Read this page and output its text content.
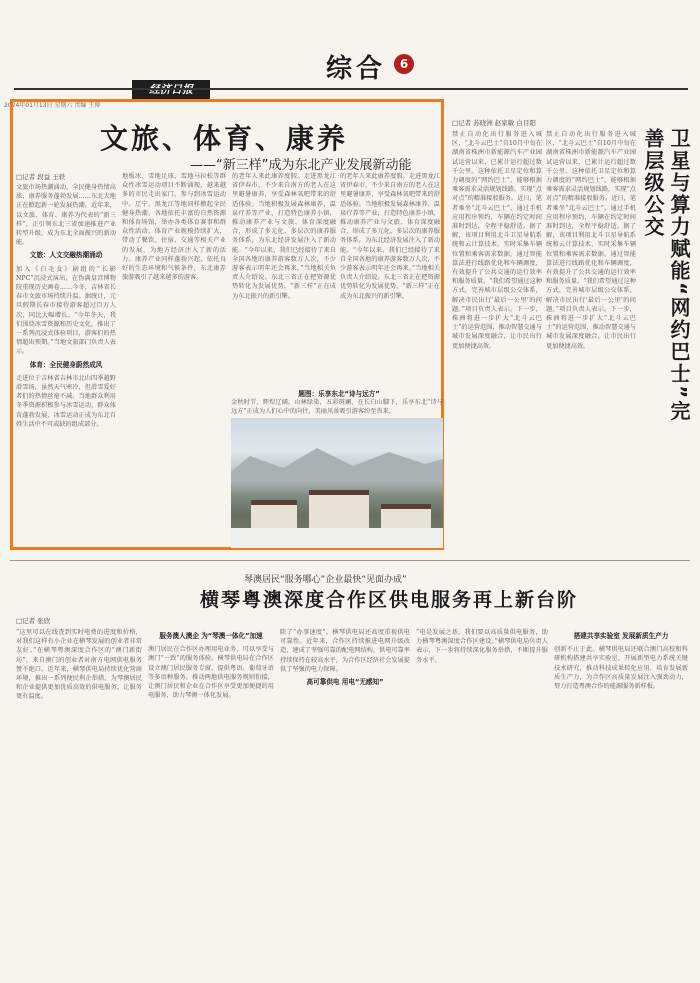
综合	6
2024年01月13日 星期六 责编 王博
文旅、体育、康养
——“新三样”成为东北产业发展新动能
□记者 段益 王轶
文旅市场热潮涌动，全民健身热情高涨，康养服务蓬勃发展……东北大地正在掀起新一轮发展热潮。近年来，以文旅、体育、康养为代表的“新三样”，正引领东北三省加速推进产业转型升级，成为东北全面振兴的新动能。
文旅：人文交融热潮涌动
加入《白毛女》剧组的“长影NPC”沉浸式演出，在伪满皇宫博物院重现历史画卷……今冬，吉林省长春市文旅市场持续升温。据统计，元旦假期长春市接待游客超过百万人次，同比大幅增长。“今年冬天，我们围绕冰雪资源和历史文化，推出了一系列沉浸式体验项目，游客们的热情超出预期。”当地文旅部门负责人表示。
体育：全民健身蔚然成风
走进位于吉林省吉林市北山四季越野滑雪场，虽然天气寒冷，但滑雪爱好者们的热情丝毫不减。当地群众利用冬季资源积极参与冰雪运动，群众体育蓬勃发展，冰雪运动正成为东北百姓生活中不可或缺的组成部分。
地板冰、雪地足球、雪地马拉松等群众性冰雪运动项目不断涌现，越来越多的市民走出家门，参与到冰雪运动中。辽宁、黑龙江等地同样掀起全民健身热潮，各地依托丰富的自然资源和体育场馆，举办各类体育赛事和群众性活动，体育产业规模持续扩大，带动了餐饮、住宿、交通等相关产业的发展，为地方经济注入了新的活力。康养产业同样蓬勃兴起，依托良好的生态环境和气候条件，东北康养旅游吸引了越来越多的游客。
的老年人来此康养度假。走进黑龙江省伊春市，不少来自南方的老人在这里避暑康养，享受森林氧吧带来的舒适体验。当地积极发展森林康养、温泉疗养等产业，打造特色康养小镇，推动康养产业与文旅、体育深度融合，形成了多元化、多层次的康养服务体系，为东北经济发展注入了新动能。“今年以来，我们已经接待了来自全国各地的康养游客数万人次，不少游客表示明年还会再来。”当地相关负责人介绍说。东北三省正在把资源优势转化为发展优势，“新三样”正在成为东北振兴的新引擎。
的老年人来此康养度假。走进黑龙江省伊春市，不少来自南方的老人在这里避暑康养，享受森林氧吧带来的舒适体验。当地积极发展森林康养、温泉疗养等产业，打造特色康养小镇，推动康养产业与文旅、体育深度融合，形成了多元化、多层次的康养服务体系，为东北经济发展注入了新动能。“今年以来，我们已经接待了来自全国各地的康养游客数万人次，不少游客表示明年还会再来。”当地相关负责人介绍说。东北三省正在把资源优势转化为发展优势，“新三样”正在成为东北振兴的新引擎。
题图：乐享东北“诗与远方”
金秋时节，辉煌辽阔，山林绿染，五彩斑斓，在长白山脚下，乐享东北“诗与远方”正成为人们心中的向往，美丽风景吸引游客纷至沓来。
□记者 苏晓洲 赵家敏 白目阳
卫星与算力赋能“网约巴士”完善层级公交
禁止自动化出行服务进入城区，“北斗云巴士”自10月中旬在湖南省株洲市新能源汽车产业园试运营以来，已累计运行超过数千公里。这种依托卫星定位和算力调度的“网约巴士”，能够根据乘客需求灵活规划线路，实现“点对点”的精准接驳服务。近日，笔者乘坐“北斗云巴士”，通过手机应用程序预约，车辆在约定时间准时到达，全程平稳舒适。据了解，该项目利用北斗卫星导航系统和云计算技术，实时采集车辆位置和乘客需求数据，通过智能算法进行线路优化和车辆调度，有效提升了公共交通的运行效率和服务质量。“我们希望通过这种方式，完善城市层级公交体系，解决市民出行‘最后一公里’的问题。”项目负责人表示。下一步，株洲将进一步扩大“北斗云巴士”的运营范围，推动智慧交通与城市发展深度融合，让市民出行更加便捷高效。
禁止自动化出行服务进入城区，“北斗云巴士”自10月中旬在湖南省株洲市新能源汽车产业园试运营以来，已累计运行超过数千公里。这种依托卫星定位和算力调度的“网约巴士”，能够根据乘客需求灵活规划线路，实现“点对点”的精准接驳服务。近日，笔者乘坐“北斗云巴士”，通过手机应用程序预约，车辆在约定时间准时到达，全程平稳舒适。据了解，该项目利用北斗卫星导航系统和云计算技术，实时采集车辆位置和乘客需求数据，通过智能算法进行线路优化和车辆调度，有效提升了公共交通的运行效率和服务质量。“我们希望通过这种方式，完善城市层级公交体系，解决市民出行‘最后一公里’的问题。”项目负责人表示。下一步，株洲将进一步扩大“北斗云巴士”的运营范围，推动智慧交通与城市发展深度融合，让市民出行更加便捷高效。
琴澳居民“服务哪心”企业最快“见面办成”
横琴粤澳深度合作区供电服务再上新台阶
□记者 张欣
“这里可以在线查到实时电费的进度和价格，对我们这样有小企业在横琴发展的创业者非常友好。”在横琴粤澳深度合作区的“澳门新街坊”，来自澳门的创业者对南方电网供电服务赞不绝口。近年来，横琴供电局持续优化营商环境，推出一系列便民利企举措，为琴澳居民和企业提供更加优质高效的供电服务，让服务更有温度。
服务澳人澳企 为“琴澳一体化”加速
澳门居民在合作区办理用电业务，可以享受与澳门“一致”的服务体验。横琴供电局在合作区设立澳门居民服务专窗，提供粤语、葡萄牙语等多语种服务，推动两地供电服务规则衔接，让澳门居民和企业在合作区享受更加便捷的用电服务，助力琴澳一体化发展。
除了“办事速度”，横琴供电局还高度重视供电可靠性。近年来，合作区持续推进电网升级改造，建成了坚强可靠的配电网结构，供电可靠率持续保持在较高水平，为合作区经济社会发展提供了坚强的电力保障。
高可靠供电 用电“无感知”
“电是发展之基，我们要以高质量供电服务，助力横琴粤澳深度合作区建设。”横琴供电局负责人表示，下一步将持续深化服务举措，不断提升服务水平。
搭建共享实验室 发展新质生产力
创新不止于此。横琴供电局还联合澳门高校和科研机构搭建共享实验室，开展新型电力系统关键技术研究，推动科技成果转化应用，培育发展新质生产力，为合作区高质量发展注入强劲动力，努力打造粤澳合作的能源服务新样板。
